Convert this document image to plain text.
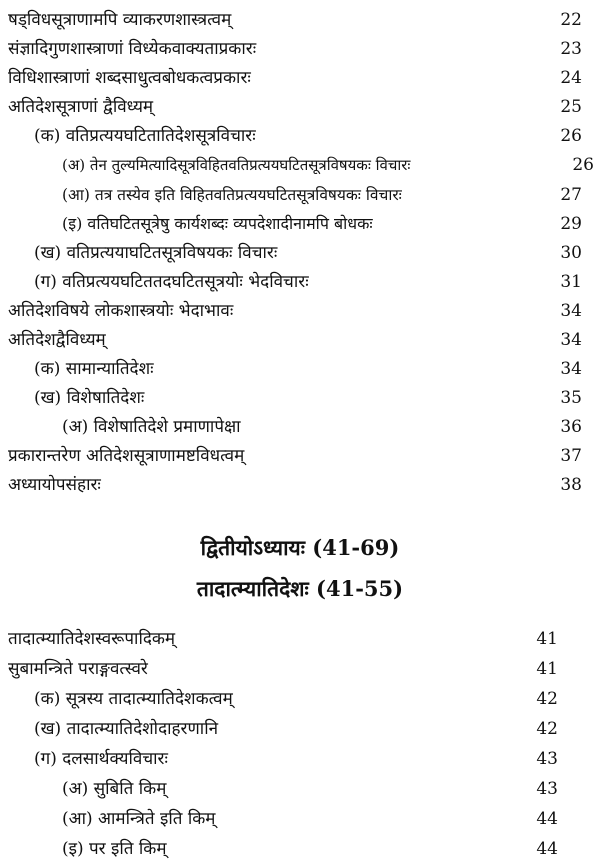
षड्विधसूत्राणामपि व्याकरणशास्त्रत्वम्	22
संज्ञादिगुणशास्त्राणां विध्येकवाक्यताप्रकारः	23
विधिशास्त्राणां शब्दसाधुत्वबोधकत्वप्रकारः	24
अतिदेशसूत्राणां द्वैविध्यम्	25
(क) वतिप्रत्ययघटितातिदेशसूत्रविचारः	26
(अ) तेन तुल्यमित्यादिसूत्रविहितवतिप्रत्ययघटितसूत्रविषयकः विचारः	26
(आ) तत्र तस्येव इति विहितवतिप्रत्ययघटितसूत्रविषयकः विचारः	27
(इ) वतिघटितसूत्रेषु कार्यशब्दः व्यपदेशादीनामपि बोधकः	29
(ख) वतिप्रत्ययाघटितसूत्रविषयकः विचारः	30
(ग) वतिप्रत्ययघटिततदघटितसूत्रयोः भेदविचारः	31
अतिदेशविषये लोकशास्त्रयोः भेदाभावः	34
अतिदेशद्वैविध्यम्	34
(क) सामान्यातिदेशः	34
(ख) विशेषातिदेशः	35
(अ) विशेषातिदेशे प्रमाणापेक्षा	36
प्रकारान्तरेण अतिदेशसूत्राणामष्टविधत्वम्	37
अध्यायोपसंहारः	38
द्वितीयोऽध्यायः (41-69)
तादात्म्यातिदेशः (41-55)
तादात्म्यातिदेशस्वरूपादिकम्	41
सुबामन्त्रिते पराङ्गवत्स्वरे	41
(क) सूत्रस्य तादात्म्यातिदेशकत्वम्	42
(ख) तादात्म्यातिदेशोदाहरणानि	42
(ग) दलसार्थक्यविचारः	43
(अ) सुबिति किम्	43
(आ) आमन्त्रिते इति किम्	44
(इ) पर इति किम्	44
